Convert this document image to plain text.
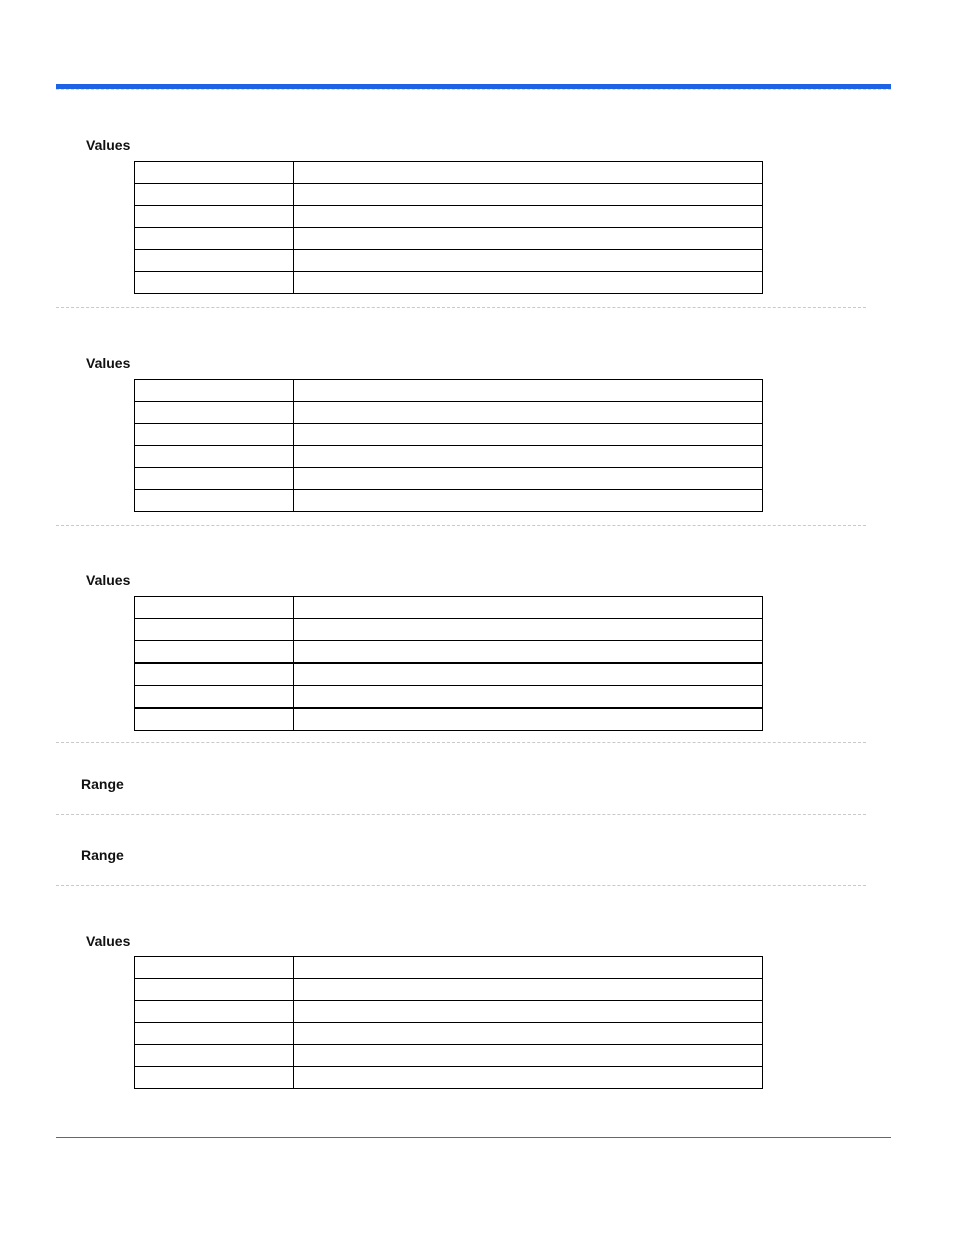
Values

Values

Values

Range
Range
Values
